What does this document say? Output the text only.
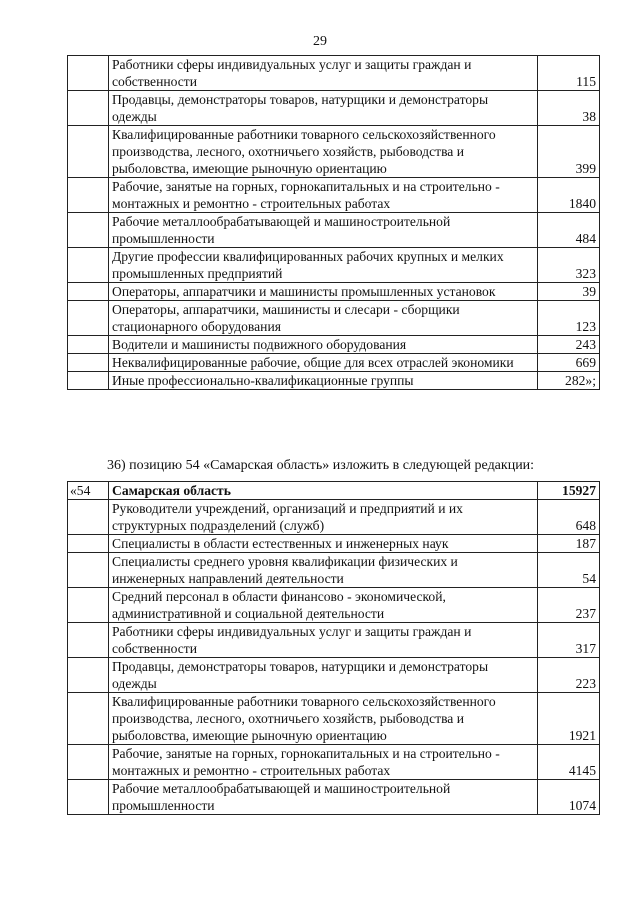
29
	Работники сферы индивидуальных услуг и защиты граждан и собственности	115
	Продавцы, демонстраторы товаров, натурщики и демонстраторы одежды	38
	Квалифицированные работники товарного сельскохозяйственного производства, лесного, охотничьего хозяйств, рыбоводства и рыболовства, имеющие рыночную ориентацию	399
	Рабочие, занятые на горных, горнокапитальных и на строительно - монтажных и ремонтно - строительных работах	1840
	Рабочие металлообрабатывающей и машиностроительной промышленности	484
	Другие профессии квалифицированных рабочих крупных и мелких промышленных предприятий	323
	Операторы, аппаратчики и машинисты промышленных установок	39
	Операторы, аппаратчики, машинисты и слесари - сборщики стационарного оборудования	123
	Водители и машинисты подвижного оборудования	243
	Неквалифицированные рабочие, общие для всех отраслей экономики	669
	Иные профессионально-квалификационные группы	282»;
36) позицию 54 «Самарская область» изложить в следующей редакции:
«54	Самарская область	15927
	Руководители учреждений, организаций и предприятий и их структурных подразделений (служб)	648
	Специалисты в области естественных и инженерных наук	187
	Специалисты среднего уровня квалификации физических и инженерных направлений деятельности	54
	Средний персонал в области финансово - экономической, административной и социальной деятельности	237
	Работники сферы индивидуальных услуг и защиты граждан и собственности	317
	Продавцы, демонстраторы товаров, натурщики и демонстраторы одежды	223
	Квалифицированные работники товарного сельскохозяйственного производства, лесного, охотничьего хозяйств, рыбоводства и рыболовства, имеющие рыночную ориентацию	1921
	Рабочие, занятые на горных, горнокапитальных и на строительно - монтажных и ремонтно - строительных работах	4145
	Рабочие металлообрабатывающей и машиностроительной промышленности	1074
